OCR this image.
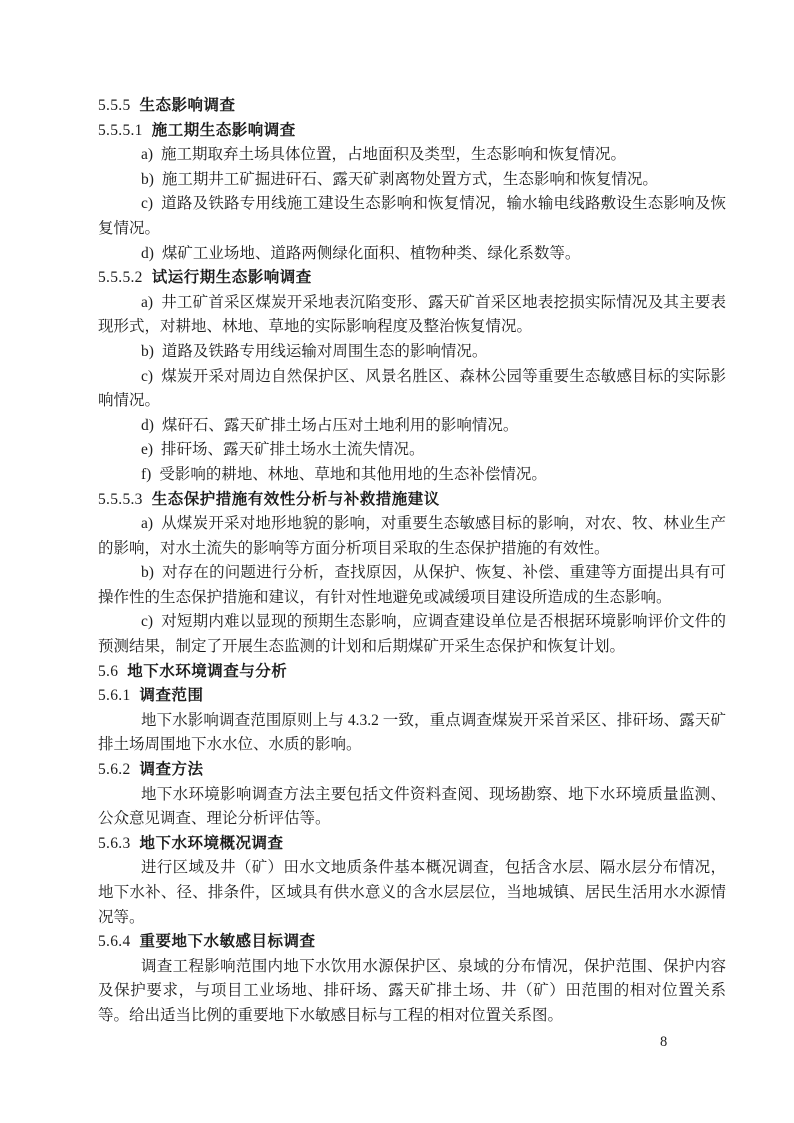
5.5.5 生态影响调查

5.5.5.1 施工期生态影响调查

a) 施工期取弃土场具体位置，占地面积及类型，生态影响和恢复情况。

b) 施工期井工矿掘进矸石、露天矿剥离物处置方式，生态影响和恢复情况。

c) 道路及铁路专用线施工建设生态影响和恢复情况，输水输电线路敷设生态影响及恢复情况。

d) 煤矿工业场地、道路两侧绿化面积、植物种类、绿化系数等。

5.5.5.2 试运行期生态影响调查

a) 井工矿首采区煤炭开采地表沉陷变形、露天矿首采区地表挖损实际情况及其主要表现形式，对耕地、林地、草地的实际影响程度及整治恢复情况。

b) 道路及铁路专用线运输对周围生态的影响情况。

c) 煤炭开采对周边自然保护区、风景名胜区、森林公园等重要生态敏感目标的实际影响情况。

d) 煤矸石、露天矿排土场占压对土地利用的影响情况。

e) 排矸场、露天矿排土场水土流失情况。

f) 受影响的耕地、林地、草地和其他用地的生态补偿情况。

5.5.5.3 生态保护措施有效性分析与补救措施建议

a) 从煤炭开采对地形地貌的影响，对重要生态敏感目标的影响，对农、牧、林业生产的影响，对水土流失的影响等方面分析项目采取的生态保护措施的有效性。

b) 对存在的问题进行分析，查找原因，从保护、恢复、补偿、重建等方面提出具有可操作性的生态保护措施和建议，有针对性地避免或减缓项目建设所造成的生态影响。

c) 对短期内难以显现的预期生态影响，应调查建设单位是否根据环境影响评价文件的预测结果，制定了开展生态监测的计划和后期煤矿开采生态保护和恢复计划。

5.6 地下水环境调查与分析

5.6.1 调查范围

地下水影响调查范围原则上与 4.3.2 一致，重点调查煤炭开采首采区、排矸场、露天矿排土场周围地下水水位、水质的影响。

5.6.2 调查方法

地下水环境影响调查方法主要包括文件资料查阅、现场勘察、地下水环境质量监测、公众意见调查、理论分析评估等。

5.6.3 地下水环境概况调查

进行区域及井（矿）田水文地质条件基本概况调查，包括含水层、隔水层分布情况，地下水补、径、排条件，区域具有供水意义的含水层层位，当地城镇、居民生活用水水源情况等。

5.6.4 重要地下水敏感目标调查

调查工程影响范围内地下水饮用水源保护区、泉域的分布情况，保护范围、保护内容及保护要求，与项目工业场地、排矸场、露天矿排土场、井（矿）田范围的相对位置关系等。给出适当比例的重要地下水敏感目标与工程的相对位置关系图。

8
